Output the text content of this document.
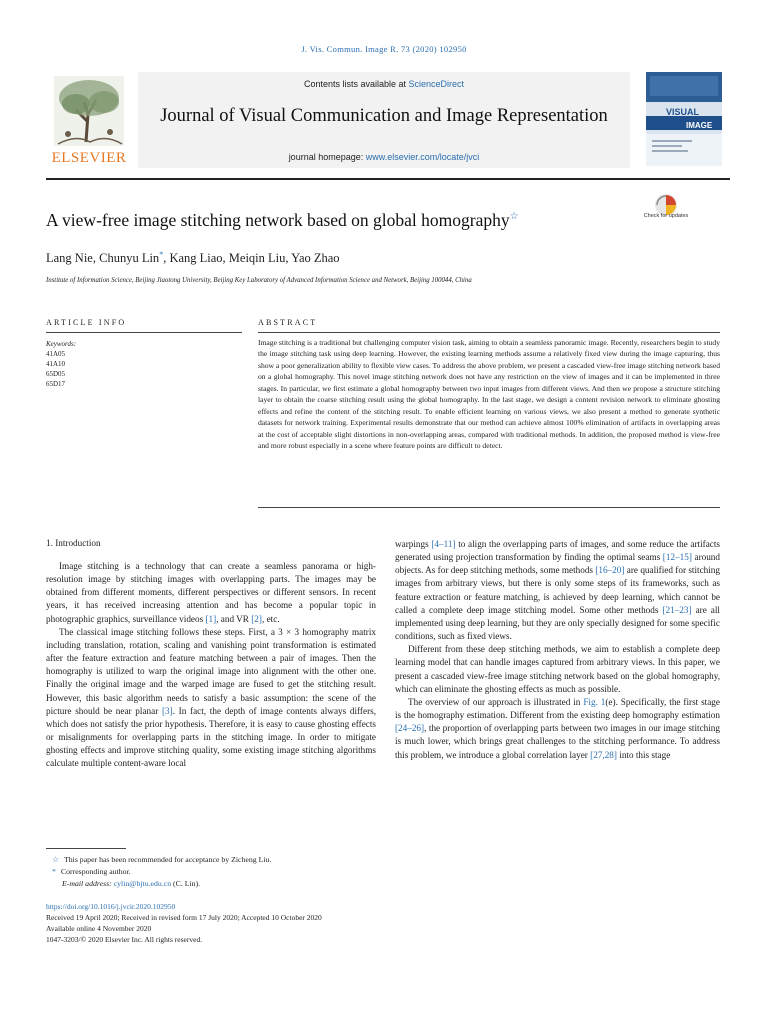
J. Vis. Commun. Image R. 73 (2020) 102950
ELSEVIER
Contents lists available at ScienceDirect
Journal of Visual Communication and Image Representation
journal homepage: www.elsevier.com/locate/jvci
VISUAL
IMAGE
A view-free image stitching network based on global homography☆	Check for updates
Lang Nie, Chunyu Lin*, Kang Liao, Meiqin Liu, Yao Zhao
Institute of Information Science, Beijing Jiaotong University, Beijing Key Laboratory of Advanced Information Science and Network, Beijing 100044, China
ARTICLE INFO	ABSTRACT
Keywords:
41A05
41A10
65D05
65D17
Image stitching is a traditional but challenging computer vision task, aiming to obtain a seamless panoramic image. Recently, researchers begin to study the image stitching task using deep learning. However, the existing learning methods assume a relatively fixed view during the image capturing, thus show a poor generalization ability to flexible view cases. To address the above problem, we present a cascaded view-free image stitching network based on a global homography. This novel image stitching network does not have any restriction on the view of images and it can be implemented in three stages. In particular, we first estimate a global homography between two input images from different views. And then we propose a structure stitching layer to obtain the coarse stitching result using the global homography. In the last stage, we design a content revision network to eliminate ghosting effects and refine the content of the stitching result. To enable efficient learning on various views, we also present a method to generate synthetic datasets for network training. Experimental results demonstrate that our method can achieve almost 100% elimination of artifacts in overlapping areas at the cost of acceptable slight distortions in non-overlapping areas, compared with traditional methods. In addition, the proposed method is view-free and more robust especially in a scene where feature points are difficult to detect.
1. Introduction

Image stitching is a technology that can create a seamless panorama or high-resolution image by stitching images with overlapping parts. The images may be obtained from different moments, different perspectives or different sensors. In recent years, it has received increasing attention and has become a popular topic in photographic graphics, surveillance videos [1], and VR [2], etc.

The classical image stitching follows these steps. First, a 3 × 3 homography matrix including translation, rotation, scaling and vanishing point transformation is estimated after the feature extraction and feature matching between a pair of images. Then the homography is utilized to warp the original image into alignment with the other one. Finally the original image and the warped image are fused to get the stitching result. However, this basic algorithm needs to satisfy a basic assumption: the scene of the picture should be near planar [3]. In fact, the depth of image contents always differs, which does not satisfy the prior hypothesis. Therefore, it is easy to cause ghosting effects or misalignments for overlapping parts in the stitching image. In order to mitigate ghosting effects and improve stitching quality, some existing image stitching algorithms calculate multiple content-aware local

warpings [4–11] to align the overlapping parts of images, and some reduce the artifacts generated using projection transformation by finding the optimal seams [12–15] around objects. As for deep stitching methods, some methods [16–20] are qualified for stitching images from arbitrary views, but there is only some steps of its frameworks, such as feature extraction or feature matching, is achieved by deep learning, which cannot be called a complete deep image stitching model. Some other methods [21–23] are all implemented using deep learning, but they are only specially designed for some specific conditions, such as fixed views.

Different from these deep stitching methods, we aim to establish a complete deep learning model that can handle images captured from arbitrary views. In this paper, we present a cascaded view-free image stitching network based on the global homography, which can eliminate the ghosting effects as much as possible.

The overview of our approach is illustrated in Fig. 1(e). Specifically, the first stage is the homography estimation. Different from the existing deep homography estimation [24–26], the proportion of overlapping parts between two images in our image stitching is much lower, which brings great challenges to the stitching performance. To address this problem, we introduce a global correlation layer [27,28] into this stage

☆ This paper has been recommended for acceptance by Zicheng Liu.
* Corresponding author.
E-mail address: cylin@bjtu.edu.cn (C. Lin).
https://doi.org/10.1016/j.jvcir.2020.102950
Received 19 April 2020; Received in revised form 17 July 2020; Accepted 10 October 2020
Available online 4 November 2020
1047-3203/© 2020 Elsevier Inc. All rights reserved.
